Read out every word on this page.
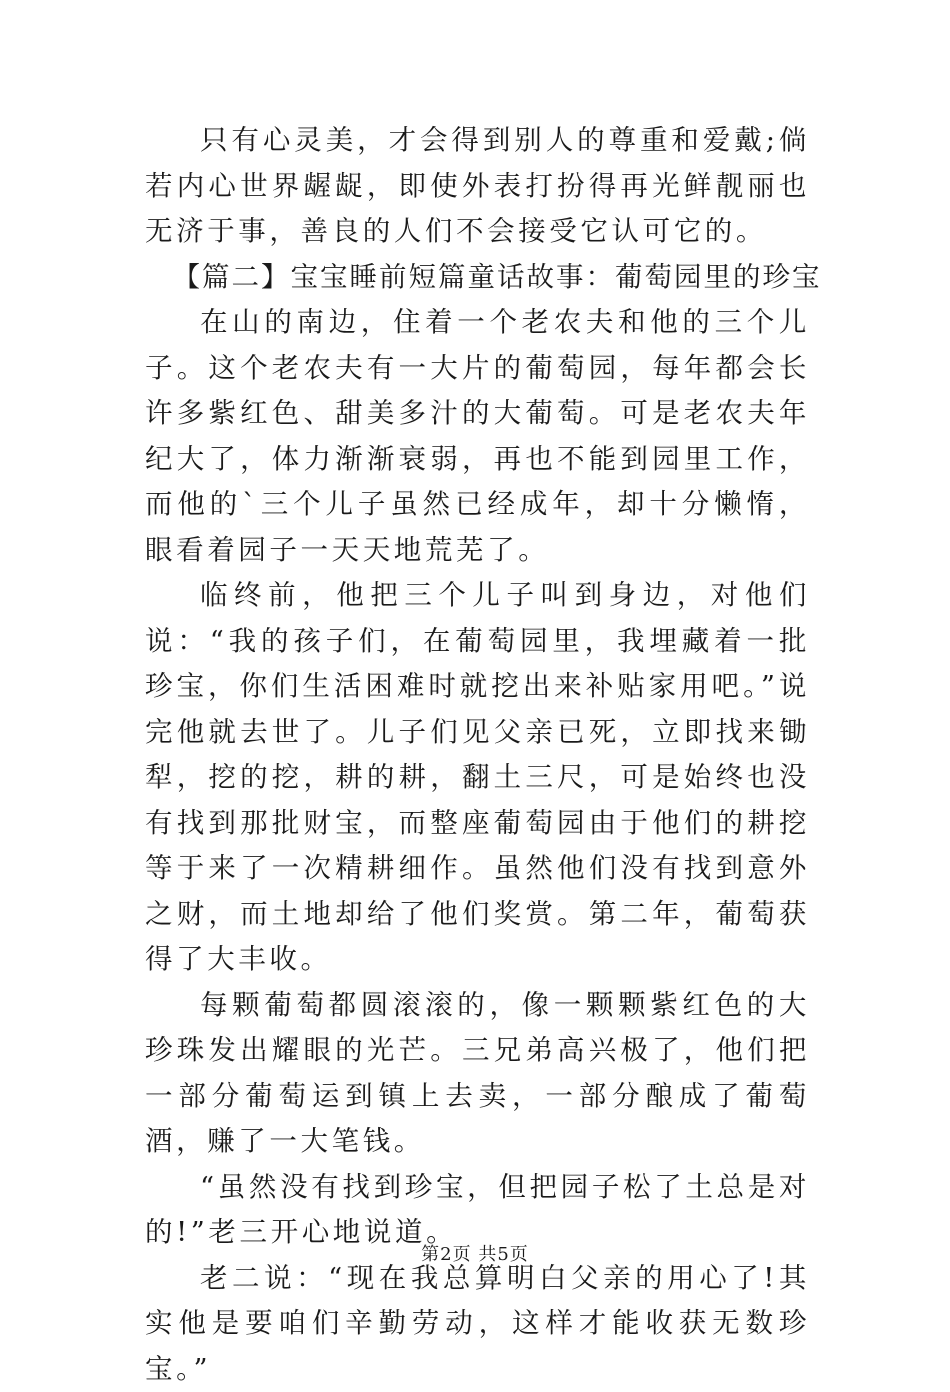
只有心灵美，才会得到别人的尊重和爱戴;倘若内心世界龌龊，即使外表打扮得再光鲜靓丽也无济于事，善良的人们不会接受它认可它的。

【篇二】宝宝睡前短篇童话故事：葡萄园里的珍宝

在山的南边，住着一个老农夫和他的三个儿子。这个老农夫有一大片的葡萄园，每年都会长许多紫红色、甜美多汁的大葡萄。可是老农夫年纪大了，体力渐渐衰弱，再也不能到园里工作，而他的`三个儿子虽然已经成年，却十分懒惰，眼看着园子一天天地荒芜了。

临终前，他把三个儿子叫到身边，对他们说：“我的孩子们，在葡萄园里，我埋藏着一批珍宝，你们生活困难时就挖出来补贴家用吧。”说完他就去世了。儿子们见父亲已死，立即找来锄犁，挖的挖，耕的耕，翻土三尺，可是始终也没有找到那批财宝，而整座葡萄园由于他们的耕挖等于来了一次精耕细作。虽然他们没有找到意外之财，而土地却给了他们奖赏。第二年，葡萄获得了大丰收。

每颗葡萄都圆滚滚的，像一颗颗紫红色的大珍珠发出耀眼的光芒。三兄弟高兴极了，他们把一部分葡萄运到镇上去卖，一部分酿成了葡萄酒，赚了一大笔钱。

“虽然没有找到珍宝，但把园子松了土总是对的!”老三开心地说道。

老二说：“现在我总算明白父亲的用心了!其实他是要咱们辛勤劳动，这样才能收获无数珍宝。”

第2页 共5页
